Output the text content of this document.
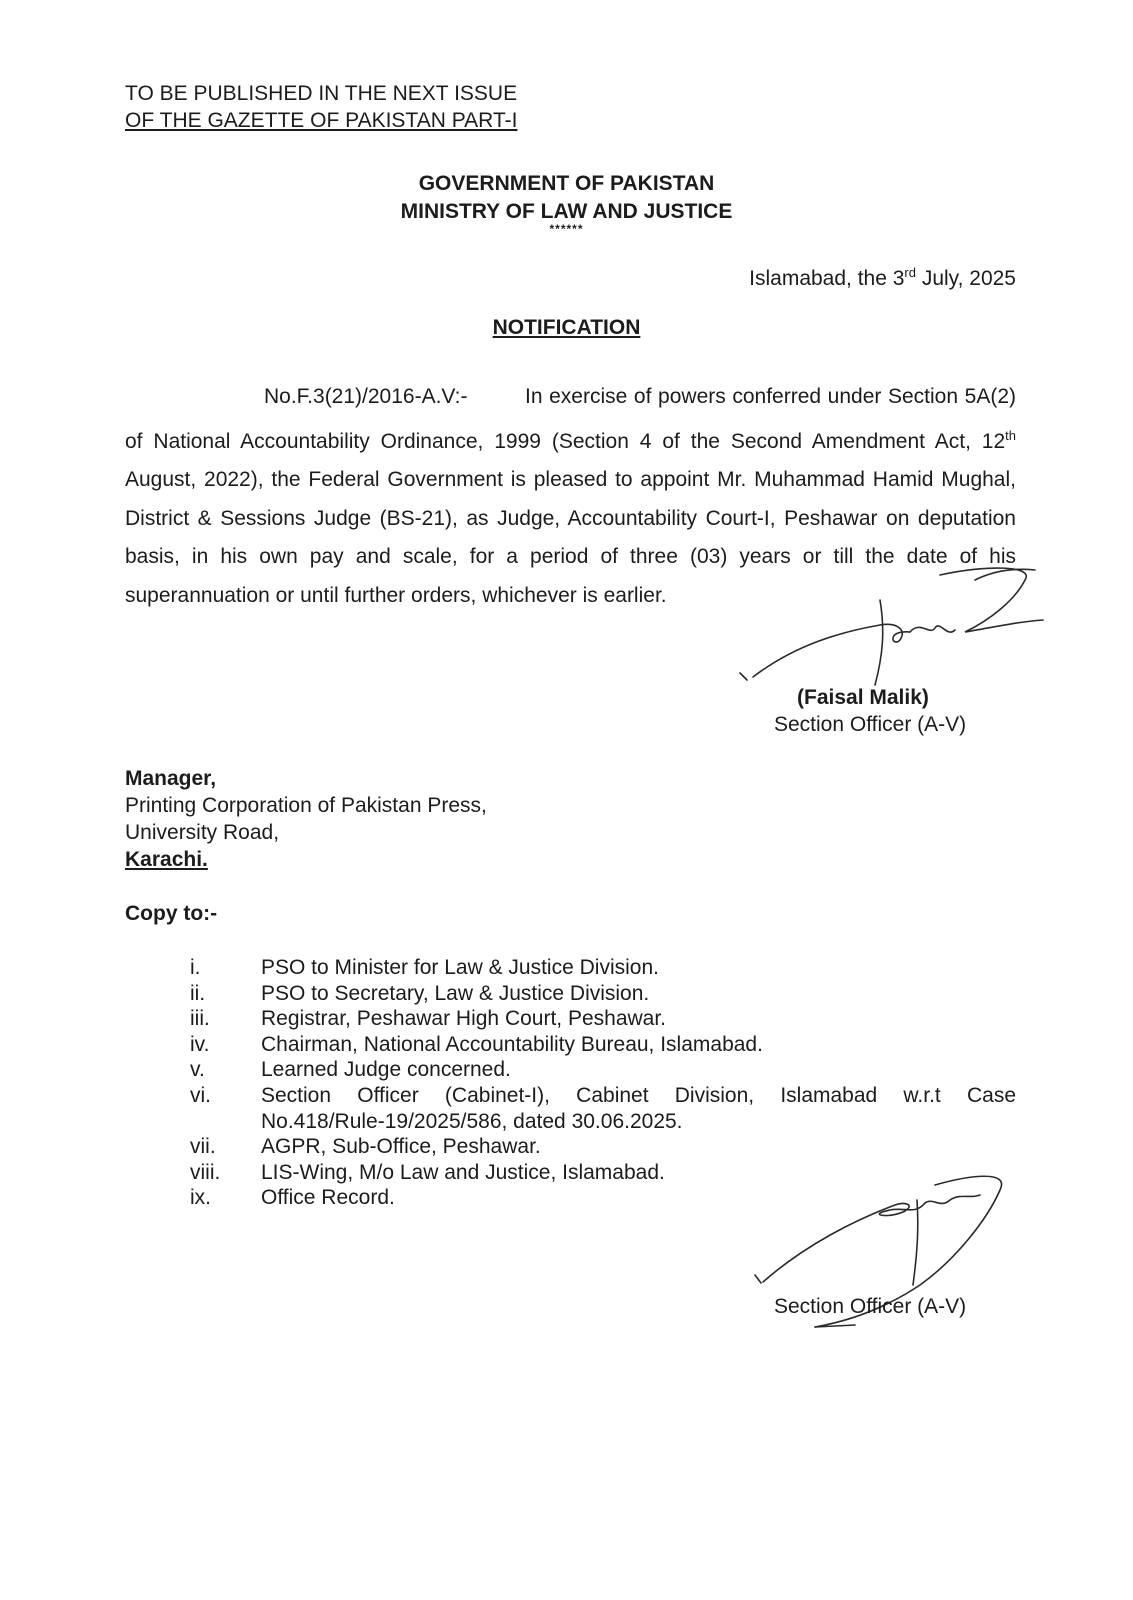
TO BE PUBLISHED IN THE NEXT ISSUE
OF THE GAZETTE OF PAKISTAN PART-I
GOVERNMENT OF PAKISTAN
MINISTRY OF LAW AND JUSTICE
******
Islamabad, the 3rd July, 2025
NOTIFICATION

No.F.3(21)/2016-A.V:-	In exercise of powers conferred under Section 5A(2) of National Accountability Ordinance, 1999 (Section 4 of the Second Amendment Act, 12th August, 2022), the Federal Government is pleased to appoint Mr. Muhammad Hamid Mughal, District & Sessions Judge (BS-21), as Judge, Accountability Court-I, Peshawar on deputation basis, in his own pay and scale, for a period of three (03) years or till the date of his superannuation or until further orders, whichever is earlier.

(Faisal Malik)
Section Officer (A-V)
Manager,
Printing Corporation of Pakistan Press,
University Road,
Karachi.
Copy to:-
i.	PSO to Minister for Law & Justice Division.
ii.	PSO to Secretary, Law & Justice Division.
iii.	Registrar, Peshawar High Court, Peshawar.
iv.	Chairman, National Accountability Bureau, Islamabad.
v.	Learned Judge concerned.
vi.	Section Officer (Cabinet-I), Cabinet Division, Islamabad w.r.t Case
No.418/Rule-19/2025/586, dated 30.06.2025.
vii.	AGPR, Sub-Office, Peshawar.
viii.	LIS-Wing, M/o Law and Justice, Islamabad.
ix.	Office Record.
Section Officer (A-V)
